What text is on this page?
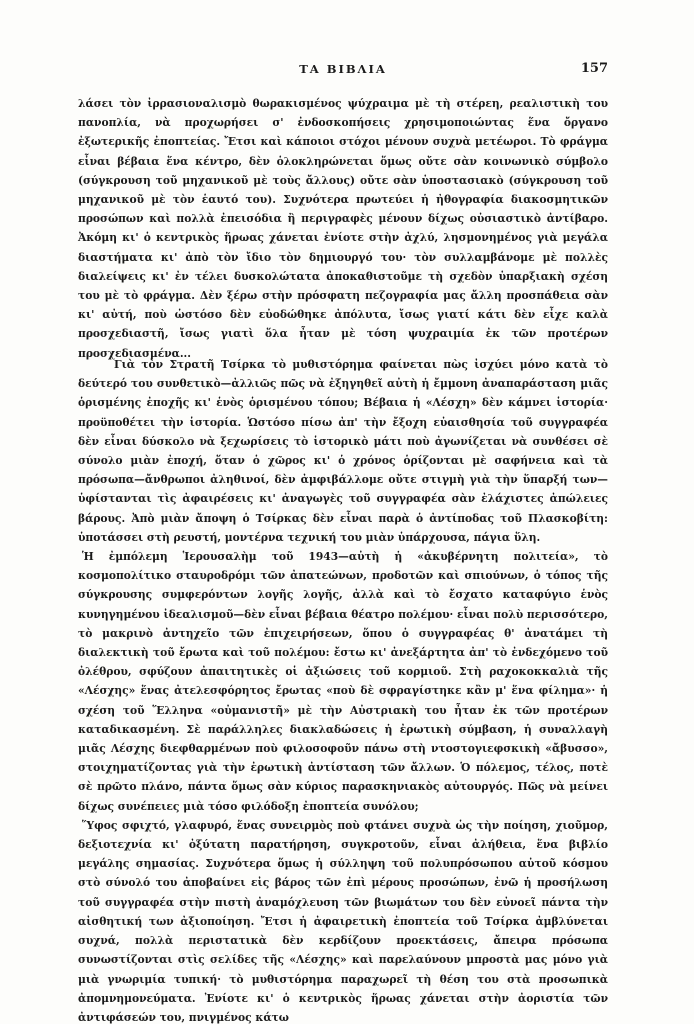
ΤΑ ΒΙΒΛΙΑ	157

λάσει τὸν ἰρρασιοναλισμὸ θωρακισμένος ψύχραιμα μὲ τὴ στέρεη, ρεαλιστικὴ του πανοπλία, νὰ προχωρήσει σ' ἐνδοσκοπήσεις χρησιμοποιώντας ἕνα ὄργανο ἐξωτερικῆς ἐποπτείας. Ἔτσι καὶ κάποιοι στόχοι μένουν συχνὰ μετέωροι. Τὸ φράγμα εἶναι βέβαια ἕνα κέντρο, δὲν ὁλοκληρώνεται ὅμως οὔτε σὰν κοινωνικὸ σύμβολο (σύγκρουση τοῦ μηχανικοῦ μὲ τοὺς ἄλλους) οὔτε σὰν ὑποστασιακὸ (σύγκρουση τοῦ μηχανικοῦ μὲ τὸν ἑαυτό του). Συχνότερα πρωτεύει ἡ ἠθογραφία διακοσμητικῶν προσώπων καὶ πολλὰ ἐπεισόδια ἢ περιγραφὲς μένουν δίχως οὐσιαστικὸ ἀντίβαρο. Ἀκόμη κι' ὁ κεντρικὸς ἥρωας χάνεται ἐνίοτε στὴν ἀχλύ, λησμονημένος γιὰ μεγάλα διαστήματα κι' ἀπὸ τὸν ἴδιο τὸν δημιουργό του· τὸν συλλαμβάνομε μὲ πολλὲς διαλείψεις κι' ἐν τέλει δυσκολώτατα ἀποκαθιστοῦμε τὴ σχεδὸν ὑπαρξιακὴ σχέση του μὲ τὸ φράγμα. Δὲν ξέρω στὴν πρόσφατη πεζογραφία μας ἄλλη προσπάθεια σὰν κι' αὐτή, ποὺ ὡστόσο δὲν εὐοδώθηκε ἀπόλυτα, ἴσως γιατί κάτι δὲν εἶχε καλὰ προσχεδιαστῆ, ἴσως γιατὶ ὅλα ἦταν μὲ τόση ψυχραιμία ἐκ τῶν προτέρων προσχεδιασμένα...

Γιὰ τὸν Στρατῆ Τσίρκα τὸ μυθιστόρημα φαίνεται πὼς ἰσχύει μόνο κατὰ τὸ δεύτερό του συνθετικὸ—ἀλλιῶς πῶς νὰ ἐξηγηθεῖ αὐτὴ ἡ ἔμμονη ἀναπαράσταση μιᾶς ὁρισμένης ἐποχῆς κι' ἑνὸς ὁρισμένου τόπου; Βέβαια ἡ «Λέσχη» δὲν κάμνει ἱστορία· προϋποθέτει τὴν ἱστορία. Ὡστόσο πίσω ἀπ' τὴν ἔξοχη εὐαισθησία τοῦ συγγραφέα δὲν εἶναι δύσκολο νὰ ξεχωρίσεις τὸ ἱστορικὸ μάτι ποὺ ἀγωνίζεται νὰ συνθέσει σὲ σύνολο μιὰν ἐποχή, ὅταν ὁ χῶρος κι' ὁ χρόνος ὁρίζονται μὲ σαφήνεια καὶ τὰ πρόσωπα—ἄνθρωποι ἀληθινοί, δὲν ἀμφιβάλλομε οὔτε στιγμὴ γιὰ τὴν ὕπαρξή των—ὑφίστανται τὶς ἀφαιρέσεις κι' ἀναγωγὲς τοῦ συγγραφέα σὰν ἐλάχιστες ἀπώλειες βάρους. Ἀπὸ μιὰν ἄποψη ὁ Τσίρκας δὲν εἶναι παρὰ ὁ ἀντίποδας τοῦ Πλασκοβίτη: ὑποτάσσει στὴ ρευστή, μοντέρνα τεχνική του μιὰν ὑπάρχουσα, πάγια ὕλη.

Ἡ ἐμπόλεμη Ἱερουσαλὴμ τοῦ 1943—αὐτὴ ἡ «ἀκυβέρνητη πολιτεία», τὸ κοσμοπολίτικο σταυροδρόμι τῶν ἀπατεώνων, προδοτῶν καὶ σπιούνων, ὁ τόπος τῆς σύγκρουσης συμφερόντων λογῆς λογῆς, ἀλλὰ καὶ τὸ ἔσχατο καταφύγιο ἑνὸς κυνηγημένου ἰδεαλισμοῦ—δὲν εἶναι βέβαια θέατρο πολέμου· εἶναι πολὺ περισσότερο, τὸ μακρινὸ ἀντηχεῖο τῶν ἐπιχειρήσεων, ὅπου ὁ συγγραφέας θ' ἀνατάμει τὴ διαλεκτικὴ τοῦ ἔρωτα καὶ τοῦ πολέμου: ἔστω κι' ἀνεξάρτητα ἀπ' τὸ ἐνδεχόμενο τοῦ ὀλέθρου, σφύζουν ἀπαιτητικὲς οἱ ἀξιώσεις τοῦ κορμιοῦ. Στὴ ραχοκοκκαλιὰ τῆς «Λέσχης» ἕνας ἀτελεσφόρητος ἔρωτας «ποὺ δὲ σφραγίστηκε κἂν μ' ἕνα φίλημα»· ἡ σχέση τοῦ Ἕλληνα «οὐμανιστῆ» μὲ τὴν Αὐστριακὴ του ἦταν ἐκ τῶν προτέρων καταδικασμένη. Σὲ παράλληλες διακλαδώσεις ἡ ἐρωτικὴ σύμβαση, ἡ συναλλαγὴ μιᾶς Λέσχης διεφθαρμένων ποὺ φιλοσοφοῦν πάνω στὴ ντοστογιεφσκικὴ «ἄβυσσο», στοιχηματίζοντας γιὰ τὴν ἐρωτικὴ ἀντίσταση τῶν ἄλλων. Ὁ πόλεμος, τέλος, ποτὲ σὲ πρῶτο πλάνο, πάντα ὅμως σὰν κύριος παρασκηνιακὸς αὐτουργός. Πῶς νὰ μείνει δίχως συνέπειες μιὰ τόσο φιλόδοξη ἐποπτεία συνόλου;

Ὕφος σφιχτό, γλαφυρό, ἕνας συνειρμὸς ποὺ φτάνει συχνὰ ὡς τὴν ποίηση, χιοῦμορ, δεξιοτεχνία κι' ὀξύτατη παρατήρηση, συγκροτοῦν, εἶναι ἀλήθεια, ἕνα βιβλίο μεγάλης σημασίας. Συχνότερα ὅμως ἡ σύλληψη τοῦ πολυπρόσωπου αὐτοῦ κόσμου στὸ σύνολό του ἀποβαίνει εἰς βάρος τῶν ἐπὶ μέρους προσώπων, ἐνῶ ἡ προσήλωση τοῦ συγγραφέα στὴν πιστὴ ἀναμόχλευση τῶν βιωμάτων του δὲν εὐνοεῖ πάντα τὴν αἰσθητική των ἀξιοποίηση. Ἔτσι ἡ ἀφαιρετικὴ ἐποπτεία τοῦ Τσίρκα ἀμβλύνεται συχνά, πολλὰ περιστατικὰ δὲν κερδίζουν προεκτάσεις, ἄπειρα πρόσωπα συνωστίζονται στὶς σελίδες τῆς «Λέσχης» καὶ παρελαύνουν μπροστὰ μας μόνο γιὰ μιὰ γνωριμία τυπική· τὸ μυθιστόρημα παραχωρεῖ τὴ θέση του στὰ προσωπικὰ ἀπομνημονεύματα. Ἐνίοτε κι' ὁ κεντρικὸς ἥρωας χάνεται στὴν ἀοριστία τῶν ἀντιφάσεών του, πνιγμένος κάτω
